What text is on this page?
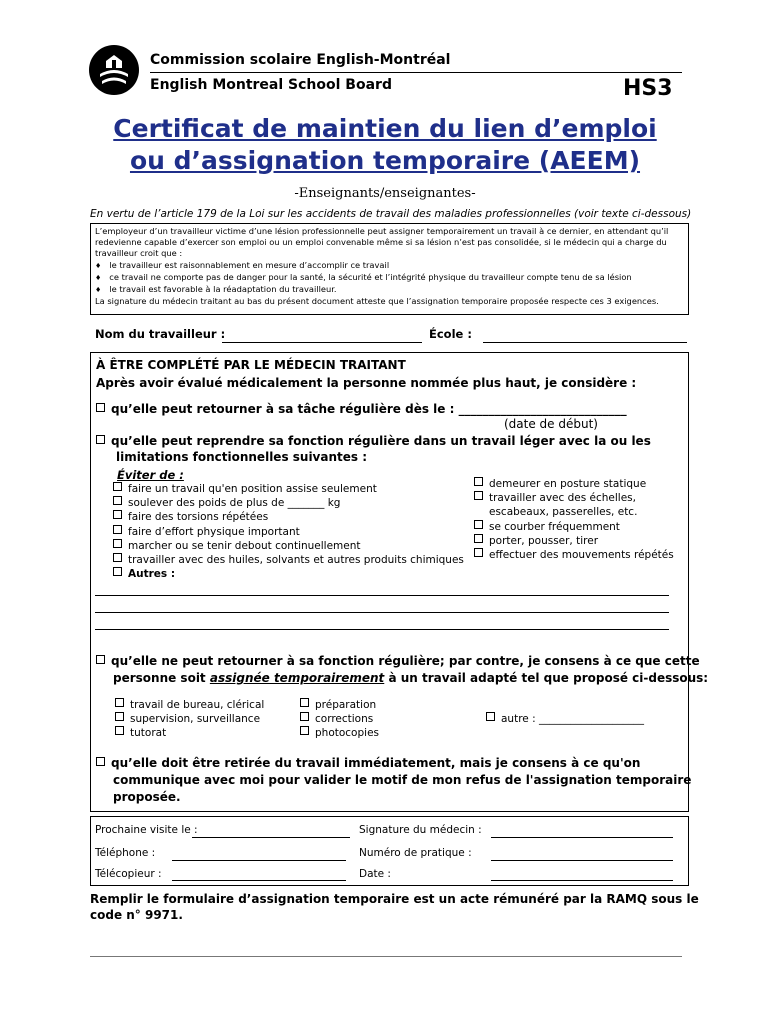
Commission scolaire English-Montréal
English Montreal School Board	HS3
Certificat de maintien du lien d’emploi
ou d’assignation temporaire (AEEM)
-Enseignants/enseignantes-
En vertu de l’article 179 de la Loi sur les accidents de travail des maladies professionnelles (voir texte ci-dessous)
L’employeur d’un travailleur victime d’une lésion professionnelle peut assigner temporairement un travail à ce dernier, en attendant qu’il redevienne capable d’exercer son emploi ou un emploi convenable même si sa lésion n’est pas consolidée, si le médecin qui a charge du travailleur croit que :
♦ le travailleur est raisonnablement en mesure d’accomplir ce travail
♦ ce travail ne comporte pas de danger pour la santé, la sécurité et l’intégrité physique du travailleur compte tenu de sa lésion
♦ le travail est favorable à la réadaptation du travailleur.
La signature du médecin traitant au bas du présent document atteste que l’assignation temporaire proposée respecte ces 3 exigences.
Nom du travailleur :	École :
À ÊTRE COMPLÉTÉ PAR LE MÉDECIN TRAITANT
Après avoir évalué médicalement la personne nommée plus haut, je considère :
qu’elle peut retourner à sa tâche régulière dès le : ____________________________
(date de début)
qu’elle peut reprendre sa fonction régulière dans un travail léger avec la ou les
limitations fonctionnelles suivantes :
Éviter de :
faire un travail qu'en position assise seulement
soulever des poids de plus de _______ kg
faire des torsions répétées
faire d’effort physique important
marcher ou se tenir debout continuellement
travailler avec des huiles, solvants et autres produits chimiques
Autres :
demeurer en posture statique
travailler avec des échelles,
escabeaux, passerelles, etc.
se courber fréquemment
porter, pousser, tirer
effectuer des mouvements répétés
qu’elle ne peut retourner à sa fonction régulière; par contre, je consens à ce que cette
personne soit assignée temporairement à un travail adapté tel que proposé ci-dessous:
travail de bureau, clérical
supervision, surveillance
tutorat
préparation
corrections
photocopies
autre : ____________________
qu’elle doit être retirée du travail immédiatement, mais je consens à ce qu'on
communique avec moi pour valider le motif de mon refus de l'assignation temporaire
proposée.
Prochaine visite le :	Signature du médecin :
Téléphone :	Numéro de pratique :
Télécopieur :	Date :
Remplir le formulaire d’assignation temporaire est un acte rémunéré par la RAMQ sous le
code n° 9971.
